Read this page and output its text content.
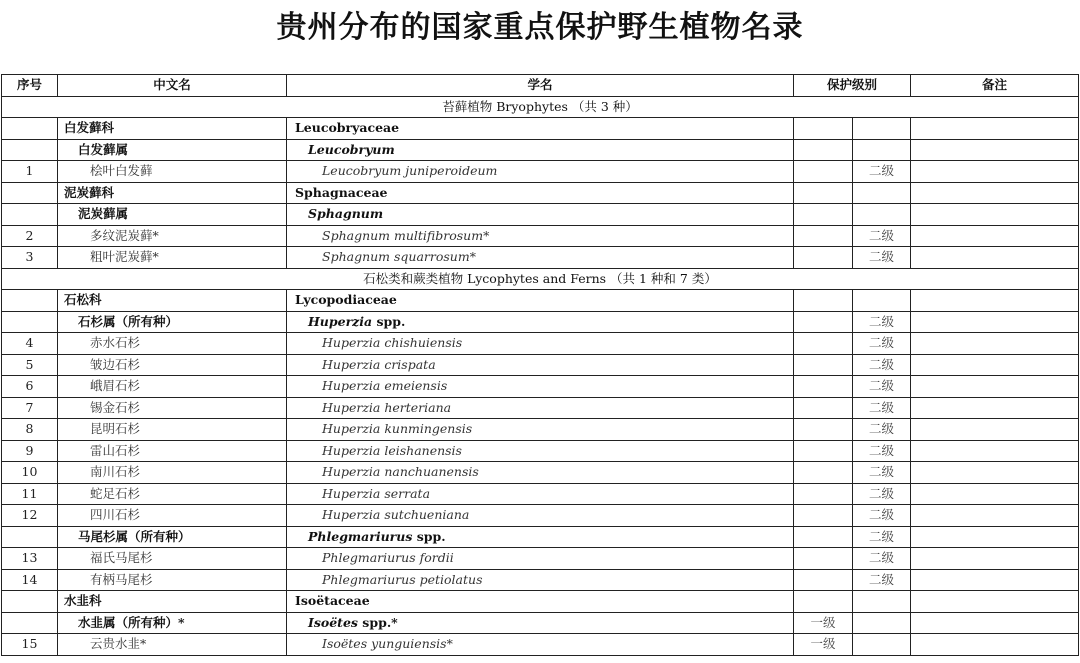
贵州分布的国家重点保护野生植物名录
序号	中文名	学名	保护级别		备注
苔藓植物 Bryophytes （共 3 种）					
	白发藓科	Leucobryaceae			
	白发藓属	Leucobryum			
1	桧叶白发藓	Leucobryum juniperoideum		二级	
	泥炭藓科	Sphagnaceae			
	泥炭藓属	Sphagnum			
2	多纹泥炭藓*	Sphagnum multifibrosum*		二级	
3	粗叶泥炭藓*	Sphagnum squarrosum*		二级	
石松类和蕨类植物 Lycophytes and Ferns （共 1 种和 7 类）					
	石松科	Lycopodiaceae			
	石杉属（所有种）	Huperzia spp.		二级	
4	赤水石杉	Huperzia chishuiensis		二级	
5	皱边石杉	Huperzia crispata		二级	
6	峨眉石杉	Huperzia emeiensis		二级	
7	锡金石杉	Huperzia herteriana		二级	
8	昆明石杉	Huperzia kunmingensis		二级	
9	雷山石杉	Huperzia leishanensis		二级	
10	南川石杉	Huperzia nanchuanensis		二级	
11	蛇足石杉	Huperzia serrata		二级	
12	四川石杉	Huperzia sutchueniana		二级	
	马尾杉属（所有种）	Phlegmariurus spp.		二级	
13	福氏马尾杉	Phlegmariurus fordii		二级	
14	有柄马尾杉	Phlegmariurus petiolatus		二级	
	水韭科	Isoëtaceae			
	水韭属（所有种）*	Isoëtes spp.*	一级		
15	云贵水韭*	Isoëtes yunguiensis*	一级		
